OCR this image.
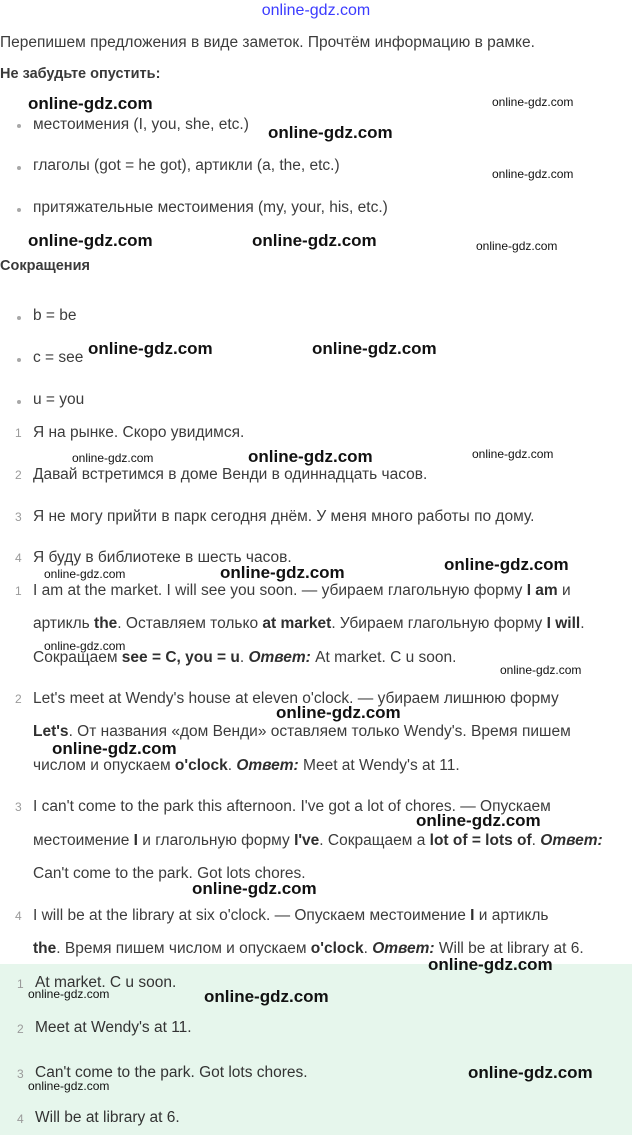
online-gdz.com
Перепишем предложения в виде заметок. Прочтём информацию в рамке.
Не забудьте опустить:
местоимения (I, you, she, etc.)
глаголы (got = he got), артикли (a, the, etc.)
притяжательные местоимения (my, your, his, etc.)
Сокращения
b = be
c = see
u = you
1 Я на рынке. Скоро увидимся.
2 Давай встретимся в доме Венди в одиннадцать часов.
3 Я не могу прийти в парк сегодня днём. У меня много работы по дому.
4 Я буду в библиотеке в шесть часов.
1 I am at the market. I will see you soon. — убираем глагольную форму I am и
артикль the. Оставляем только at market. Убираем глагольную форму I will.
Сокращаем see = C, you = u. Ответ: At market. C u soon.
2 Let's meet at Wendy's house at eleven o'clock. — убираем лишнюю форму
Let's. От названия «дом Венди» оставляем только Wendy's. Время пишем
числом и опускаем o'clock. Ответ: Meet at Wendy's at 11.
3 I can't come to the park this afternoon. I've got a lot of chores. — Опускаем
местоимение I и глагольную форму I've. Сокращаем а lot of = lots of. Ответ:
Can't come to the park. Got lots chores.
4 I will be at the library at six o'clock. — Опускаем местоимение I и артикль
the. Время пишем числом и опускаем o'clock. Ответ: Will be at library at 6.
1 At market. C u soon.
2 Meet at Wendy's at 11.
3 Can't come to the park. Got lots chores.
4 Will be at library at 6.
online-gdz.com	online-gdz.com
online-gdz.com
online-gdz.com
online-gdz.com	online-gdz.com	online-gdz.com
online-gdz.com	online-gdz.com
online-gdz.com	online-gdz.com	online-gdz.com
online-gdz.com
online-gdz.com	online-gdz.com
online-gdz.com
online-gdz.com
online-gdz.com
online-gdz.com
online-gdz.com
online-gdz.com
online-gdz.com
online-gdz.com	online-gdz.com
online-gdz.com
online-gdz.com
